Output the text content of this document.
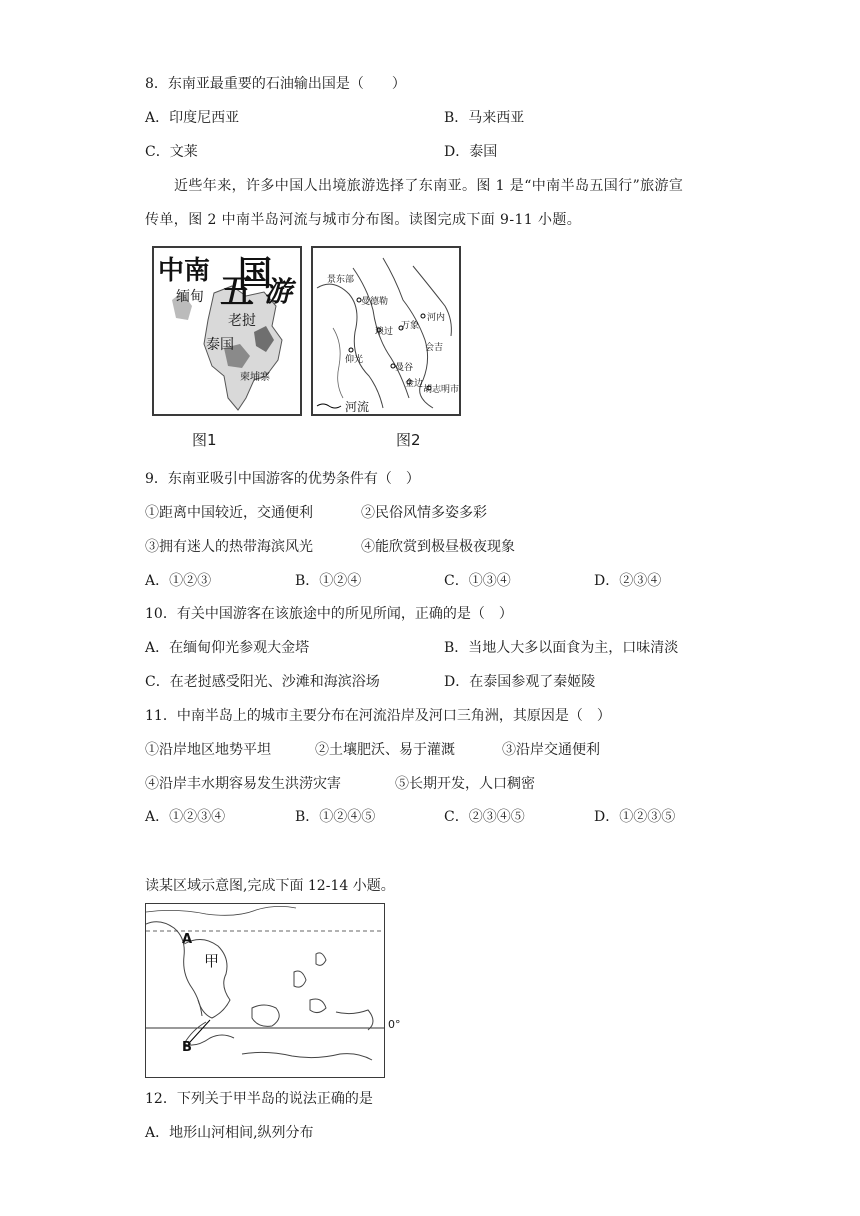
8．东南亚最重要的石油输出国是（　　）
A．印度尼西亚	B．马来西亚
C．文莱	D．泰国
近些年来，许多中国人出境旅游选择了东南亚。图 1 是“中南半岛五国行”旅游宣
传单，图 2 中南半岛河流与城市分布图。读图完成下面 9-11 小题。
中南
五
国
游
缅甸
老挝
泰国
柬埔寨
图1
景东部
曼德勒
河内
万象
琅过
会吉
仰光
曼谷
金边
胡志明市
河流
图2
9．东南亚吸引中国游客的优势条件有（　）
①距离中国较近，交通便利	②民俗风情多姿多彩
③拥有迷人的热带海滨风光	④能欣赏到极昼极夜现象
A．①②③	B．①②④	C．①③④	D．②③④
10．有关中国游客在该旅途中的所见所闻，正确的是（　）
A．在缅甸仰光参观大金塔	B．当地人大多以面食为主，口味清淡
C．在老挝感受阳光、沙滩和海滨浴场	D．在泰国参观了秦姬陵
11．中南半岛上的城市主要分布在河流沿岸及河口三角洲，其原因是（　）
①沿岸地区地势平坦	②土壤肥沃、易于灌溉	③沿岸交通便利
④沿岸丰水期容易发生洪涝灾害	⑤长期开发，人口稠密
A．①②③④	B．①②④⑤	C．②③④⑤	D．①②③⑤
读某区域示意图,完成下面 12-14 小题。
A
甲
B
0°
12．下列关于甲半岛的说法正确的是
A．地形山河相间,纵列分布
